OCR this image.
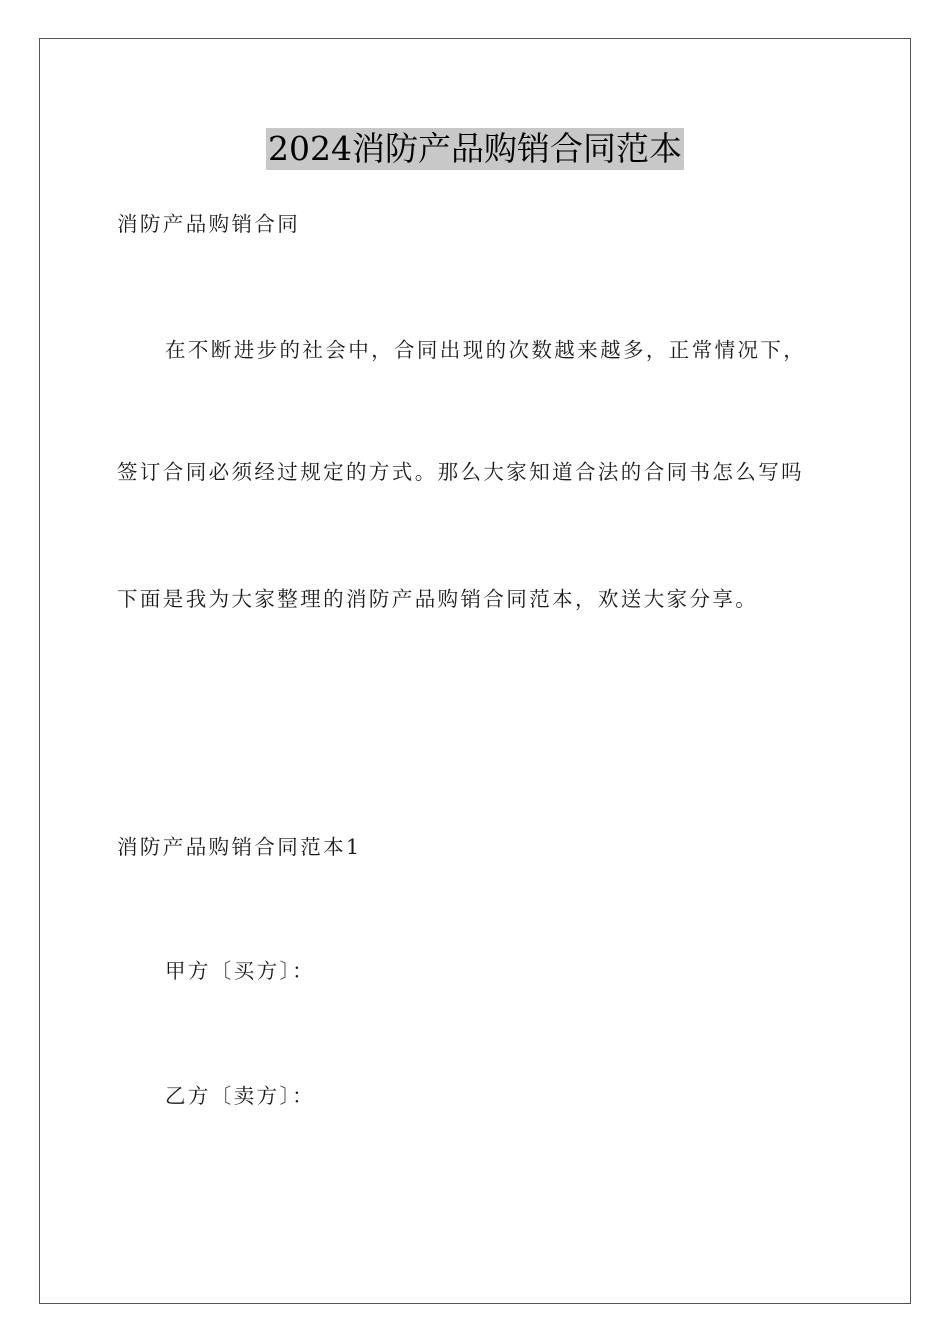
2024消防产品购销合同范本
消防产品购销合同
在不断进步的社会中，合同出现的次数越来越多，正常情况下，
签订合同必须经过规定的方式。那么大家知道合法的合同书怎么写吗
下面是我为大家整理的消防产品购销合同范本，欢送大家分享。
消防产品购销合同范本1
甲方〔买方〕：
乙方〔卖方〕：
